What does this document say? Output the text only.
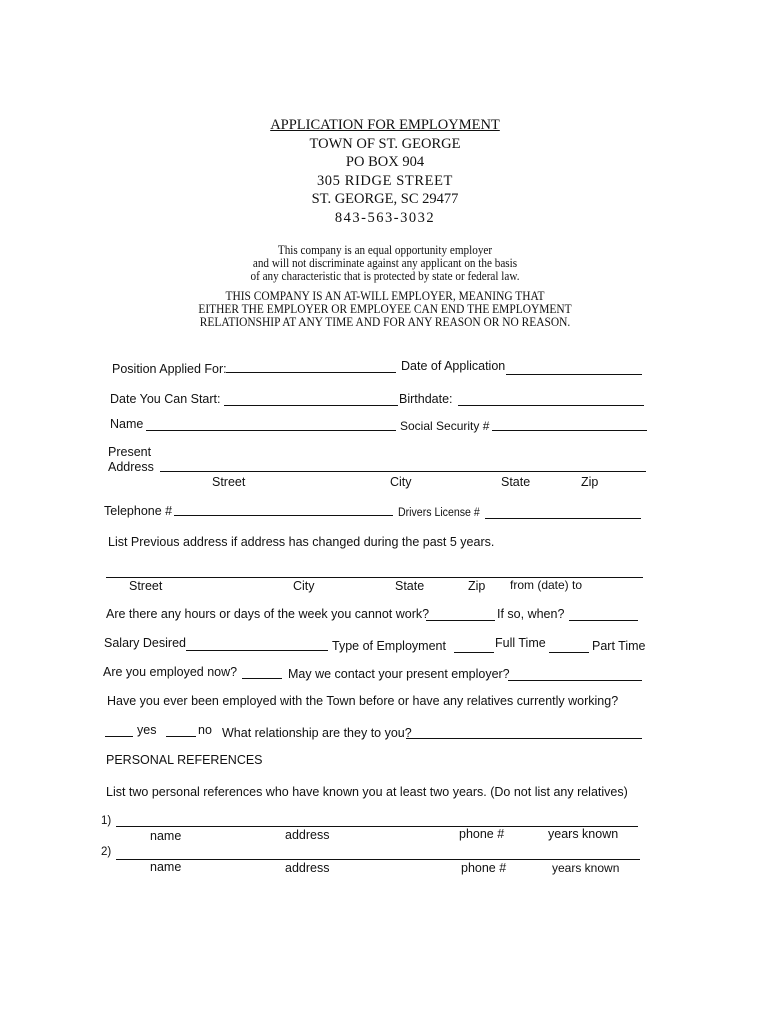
APPLICATION FOR EMPLOYMENT
TOWN OF ST. GEORGE
PO BOX 904
305 RIDGE STREET
ST. GEORGE, SC 29477
843-563-3032
This company is an equal opportunity employer
and will not discriminate against any applicant on the basis
of any characteristic that is protected by state or federal law.
THIS COMPANY IS AN AT-WILL EMPLOYER, MEANING THAT
EITHER THE EMPLOYER OR EMPLOYEE CAN END THE EMPLOYMENT
RELATIONSHIP AT ANY TIME AND FOR ANY REASON OR NO REASON.
Position Applied For:	Date of Application
Date You Can Start:	Birthdate:
Name	Social Security #
Present
Address
Street	City	State	Zip
Telephone #	Drivers License #
List Previous address if address has changed during the past 5 years.
Street	City	State	Zip from (date) to
Are there any hours or days of the week you cannot work?	If so, when?
Salary Desired	Type of Employment	Full Time	Part Time
Are you employed now?	May we contact your present employer?
Have you ever been employed with the Town before or have any relatives currently working?
yes	no What relationship are they to you?
PERSONAL REFERENCES
List two personal references who have known you at least two years. (Do not list any relatives)
1)
name	address	phone #	years known
2)
name	address	phone #	years known
